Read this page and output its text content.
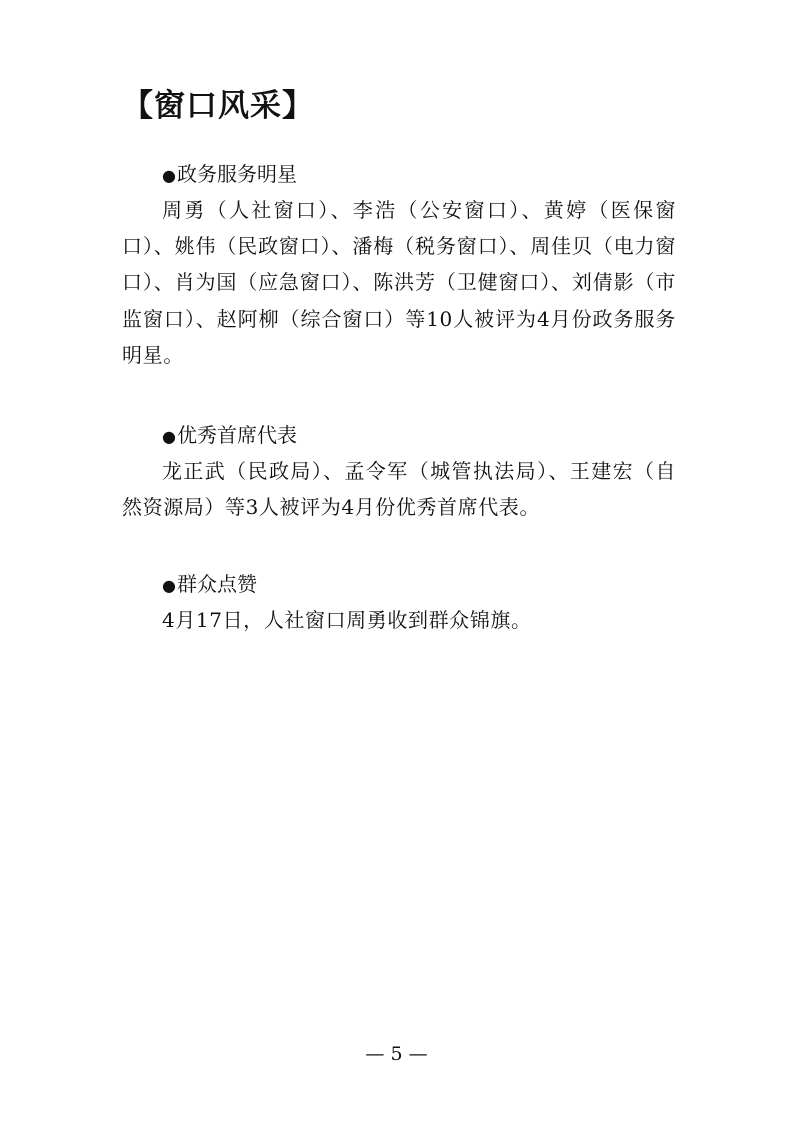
【窗口风采】
●政务服务明星

周勇（人社窗口）、李浩（公安窗口）、黄婷（医保窗口）、姚伟（民政窗口）、潘梅（税务窗口）、周佳贝（电力窗口）、肖为国（应急窗口）、陈洪芳（卫健窗口）、刘倩影（市监窗口）、赵阿柳（综合窗口）等10人被评为4月份政务服务明星。

●优秀首席代表

龙正武（民政局）、孟令军（城管执法局）、王建宏（自然资源局）等3人被评为4月份优秀首席代表。

●群众点赞

4月17日，人社窗口周勇收到群众锦旗。

— 5 —
